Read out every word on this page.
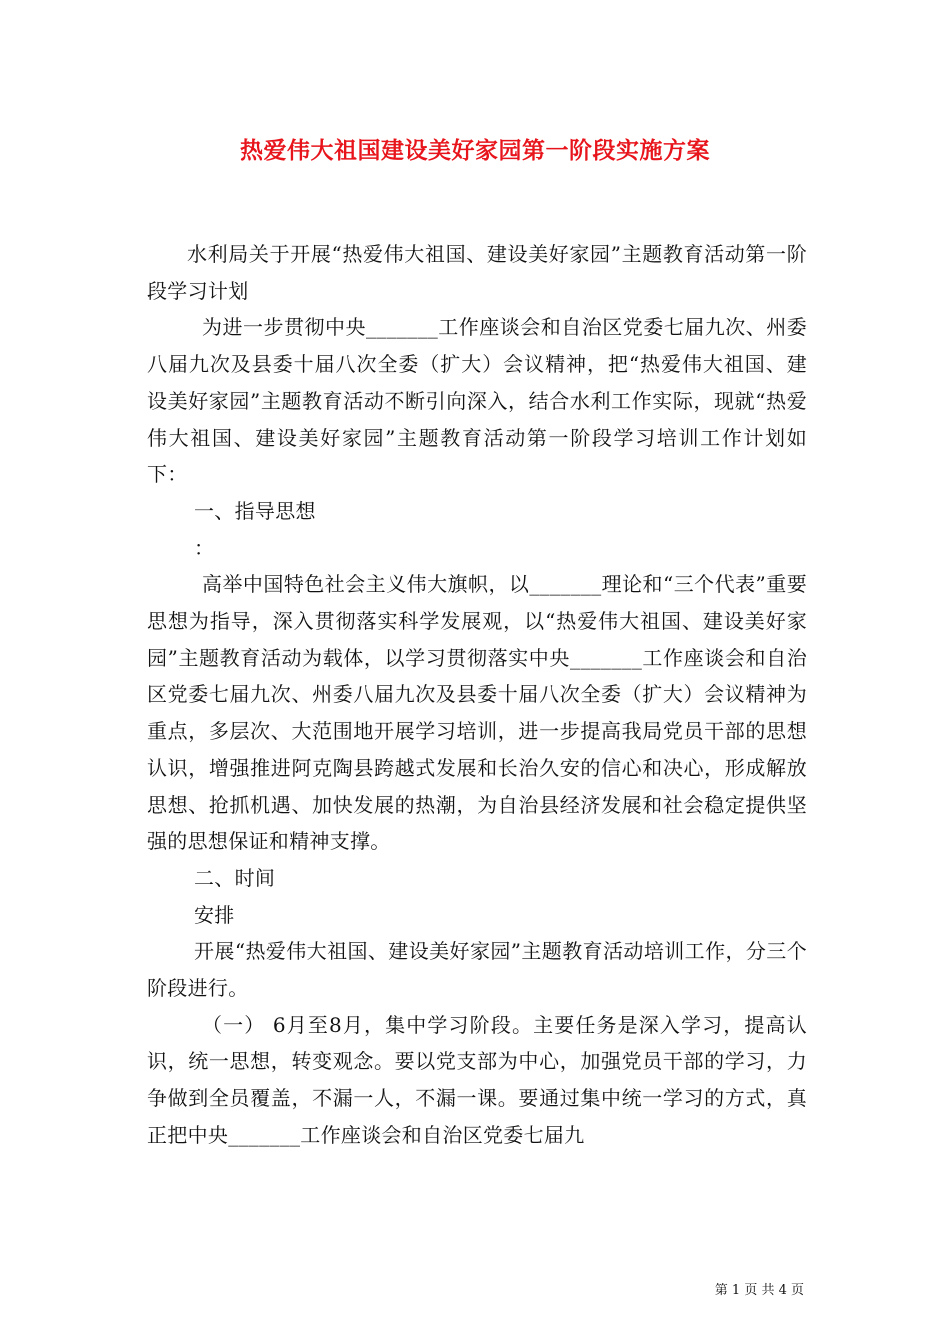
热爱伟大祖国建设美好家园第一阶段实施方案

水利局关于开展“热爱伟大祖国、建设美好家园”主题教育活动第一阶段学习计划

为进一步贯彻中央_______工作座谈会和自治区党委七届九次、州委八届九次及县委十届八次全委（扩大）会议精神，把“热爱伟大祖国、建设美好家园”主题教育活动不断引向深入，结合水利工作实际，现就“热爱伟大祖国、建设美好家园”主题教育活动第一阶段学习培训工作计划如下：

一、指导思想

：

高举中国特色社会主义伟大旗帜，以_______理论和“三个代表”重要思想为指导，深入贯彻落实科学发展观，以“热爱伟大祖国、建设美好家园”主题教育活动为载体，以学习贯彻落实中央_______工作座谈会和自治区党委七届九次、州委八届九次及县委十届八次全委（扩大）会议精神为重点，多层次、大范围地开展学习培训，进一步提高我局党员干部的思想认识，增强推进阿克陶县跨越式发展和长治久安的信心和决心，形成解放思想、抢抓机遇、加快发展的热潮，为自治县经济发展和社会稳定提供坚强的思想保证和精神支撑。

二、时间

安排

开展“热爱伟大祖国、建设美好家园”主题教育活动培训工作，分三个阶段进行。

（一） 6月至8月，集中学习阶段。主要任务是深入学习，提高认识，统一思想，转变观念。要以党支部为中心，加强党员干部的学习，力争做到全员覆盖，不漏一人，不漏一课。要通过集中统一学习的方式，真正把中央_______工作座谈会和自治区党委七届九

第 1 页 共 4 页
